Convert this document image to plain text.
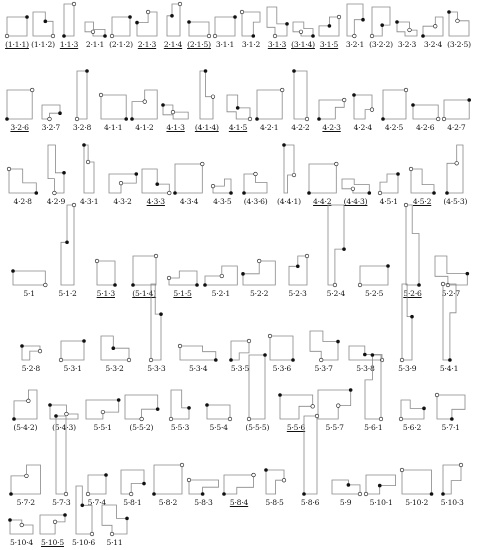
(1·1·1) (1·1·2) 1·1·3 2·1·1 (2·1·2) 2·1·3 2·1·4 (2·1·5) 3·1·1 3·1·2 3·1·3 (3·1·4) 3·1·5 3·2·1 (3·2·2) 3·2·3 3·2·4 (3·2·5)
3·2·6 3·2·7 3·2·8 4·1·1 4·1·2 4·1·3 (4·1·4) 4·1·5 4·2·1 4·2·2 4·2·3 4·2·4 4·2·5 4·2·6 4·2·7
4·2·8 4·2·9 4·3·1 4·3·2 4·3·3 4·3·4 4·3·5 (4·3·6) (4·4·1) 4·4·2 (4·4·3) 4·5·1 4·5·2 (4·5·3)
5·1	5·1·2	5·1·3 (5·1·4) 5·1·5	5·2·1	5·2·2	5·2·3	5·2·4	5·2·5	5·2·6	5·2·7
5·2·8	5·3·1	5·3·2	5·3·3	5·3·4	5·3·5	5·3·6	5·3·7	5·3·8	5·3·9	5·4·1
(5·4·2) (5·4·3) 5·5·1 (5·5·2) 5·5·3	5·5·4 (5·5·5) 5·5·6	5·5·7	5·6·1	5·6·2	5·7·1
5·7·2 5·7·3 5·7·4 5·8·1 5·8·2 5·8·3 5·8·4 5·8·5 5·8·6	5·9 5·10·1 5·10·2 5·10·3
5·10·4 5·10·5 5·10·6 5·11
